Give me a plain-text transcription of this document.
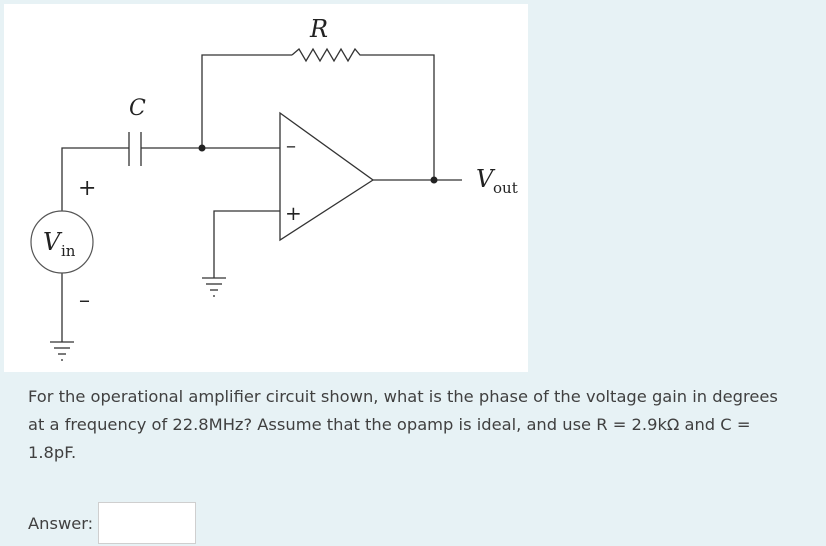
R
C
V in
V out
+
–
–
+
For the operational amplifier circuit shown, what is the phase of the voltage gain in degrees at a frequency of 22.8MHz? Assume that the opamp is ideal, and use R = 2.9kΩ and C = 1.8pF.
Answer:
